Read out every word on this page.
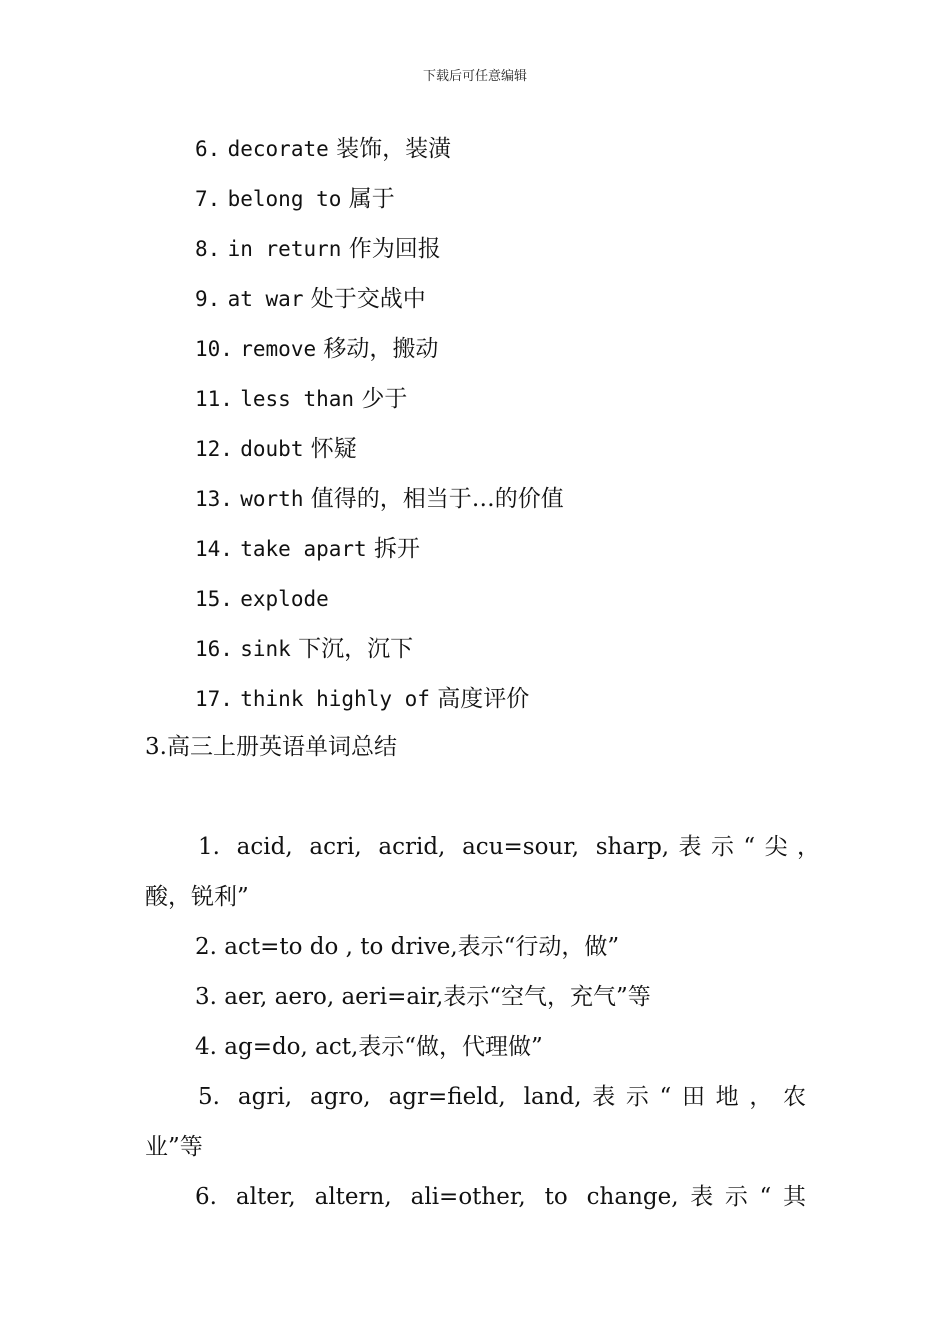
下载后可任意编辑
6. decorate 装饰，装潢
7. belong to 属于
8. in return 作为回报
9. at war 处于交战中
10. remove 移动，搬动
11. less than 少于
12. doubt 怀疑
13. worth 值得的，相当于…的价值
14. take apart 拆开
15. explode
16. sink 下沉，沉下
17. think highly of 高度评价
3.高三上册英语单词总结
1. acid, acri, acrid, acu=sour, sharp,表示“尖，
酸，锐利”
2. act=to do , to drive,表示“行动，做”
3. aer, aero, aeri=air,表示“空气，充气”等
4. ag=do, act,表示“做，代理做”
5. agri, agro, agr=field, land,表示“田地，农
业”等
6. alter, altern, ali=other, to change,表示“其
